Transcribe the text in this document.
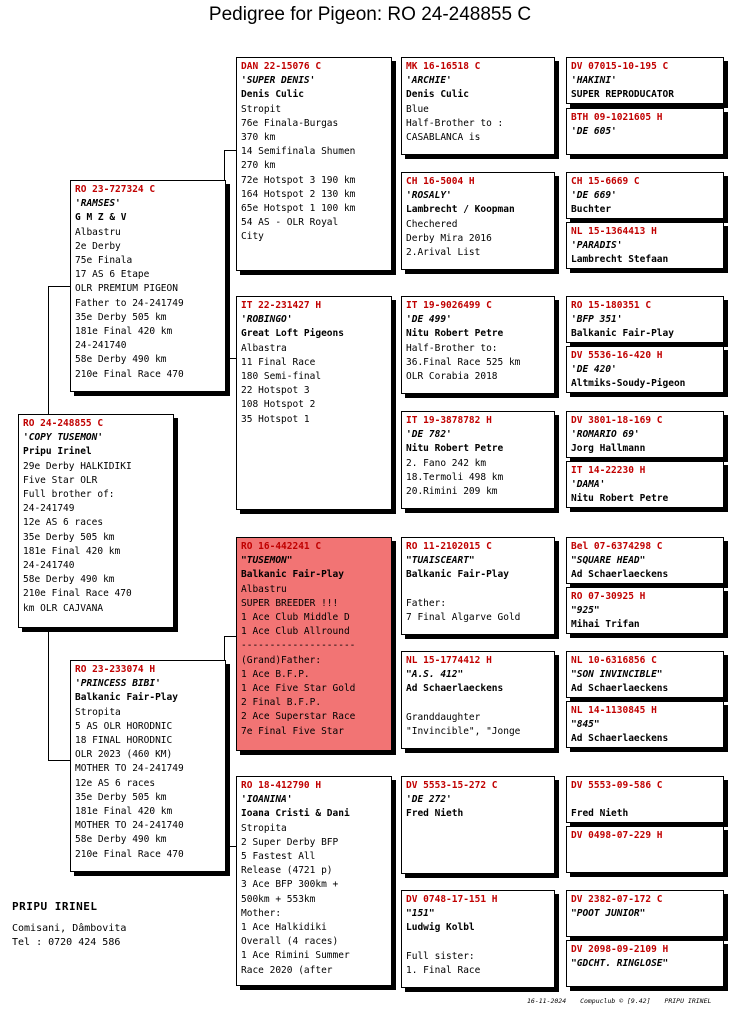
Pedigree for Pigeon: RO 24-248855 C
RO 24-248855 C
'COPY TUSEMON'
Pripu Irinel
29e Derby HALKIDIKI
Five Star OLR
Full brother of:
24-241749
12e AS 6 races
35e Derby 505 km
181e Final 420 km
24-241740
58e Derby 490 km
210e Final Race 470
km OLR CAJVANA
RO 23-727324 C
'RAMSES'
G M Z & V
Albastru
2e Derby
75e Finala
17 AS 6 Etape
OLR PREMIUM PIGEON
Father to 24-241749
35e Derby 505 km
181e Final 420 km
24-241740
58e Derby 490 km
210e Final Race 470
RO 23-233074 H
'PRINCESS BIBI'
Balkanic Fair-Play
Stropita
5 AS OLR HORODNIC
18 FINAL HORODNIC
OLR 2023 (460 KM)
MOTHER TO 24-241749
12e AS 6 races
35e Derby 505 km
181e Final 420 km
MOTHER TO 24-241740
58e Derby 490 km
210e Final Race 470
DAN 22-15076 C
'SUPER DENIS'
Denis Culic
Stropit
76e Finala-Burgas
370 km
14 Semifinala Shumen
270 km
72e Hotspot 3 190 km
164 Hotspot 2 130 km
65e Hotspot 1 100 km
54 AS - OLR Royal
City
IT 22-231427 H
'ROBINGO'
Great Loft Pigeons
Albastra
11 Final Race
180 Semi-final
22 Hotspot 3
108 Hotspot 2
35 Hotspot 1
RO 16-442241 C
"TUSEMON"
Balkanic Fair-Play
Albastru
SUPER BREEDER !!!
1 Ace Club Middle D
1 Ace Club Allround
--------------------
(Grand)Father:
1 Ace B.F.P.
1 Ace Five Star Gold
2 Final B.F.P.
2 Ace Superstar Race
7e Final Five Star
RO 18-412790 H
'IOANINA'
Ioana Cristi & Dani
Stropita
2 Super Derby BFP
5 Fastest All
Release (4721 p)
3 Ace BFP 300km +
500km + 553km
Mother:
1 Ace Halkidiki
Overall (4 races)
1 Ace Rimini Summer
Race 2020 (after
MK 16-16518 C
'ARCHIE'
Denis Culic
Blue
Half-Brother to :
CASABLANCA is
CH 16-5004 H
'ROSALY'
Lambrecht / Koopman
Chechered
Derby Mira 2016
2.Arival List
IT 19-9026499 C
'DE 499'
Nitu Robert Petre
Half-Brother to:
36.Final Race 525 km
OLR Corabia 2018
IT 19-3878782 H
'DE 782'
Nitu Robert Petre
2. Fano 242 km
18.Termoli 498 km
20.Rimini 209 km
RO 11-2102015 C
"TUAISCEART"
Balkanic Fair-Play
Father:
7 Final Algarve Gold
NL 15-1774412 H
"A.S. 412"
Ad Schaerlaeckens
Granddaughter
"Invincible", "Jonge
DV 5553-15-272 C
'DE 272'
Fred Nieth
DV 0748-17-151 H
"151"
Ludwig Kolbl
Full sister:
1. Final Race
DV 07015-10-195 C
'HAKINI'
SUPER REPRODUCATOR
BTH 09-1021605 H
'DE 605'
CH 15-6669 C
'DE 669'
Buchter
NL 15-1364413 H
'PARADIS'
Lambrecht Stefaan
RO 15-180351 C
'BFP 351'
Balkanic Fair-Play
DV 5536-16-420 H
'DE 420'
Altmiks-Soudy-Pigeon
DV 3801-18-169 C
'ROMARIO 69'
Jorg Hallmann
IT 14-22230 H
'DAMA'
Nitu Robert Petre
Bel 07-6374298 C
"SQUARE HEAD"
Ad Schaerlaeckens
RO 07-30925 H
"925"
Mihai Trifan
NL 10-6316856 C
"SON INVINCIBLE"
Ad Schaerlaeckens
NL 14-1130845 H
"845"
Ad Schaerlaeckens
DV 5553-09-586 C
Fred Nieth
DV 0498-07-229 H
DV 2382-07-172 C
"POOT JUNIOR"
DV 2098-09-2109 H
"GDCHT. RINGLOSE"
PRIPU IRINEL
Comisani, Dâmbovita
Tel : 0720 424 586
16-11-2024 Compuclub © [9.42] PRIPU IRINEL
